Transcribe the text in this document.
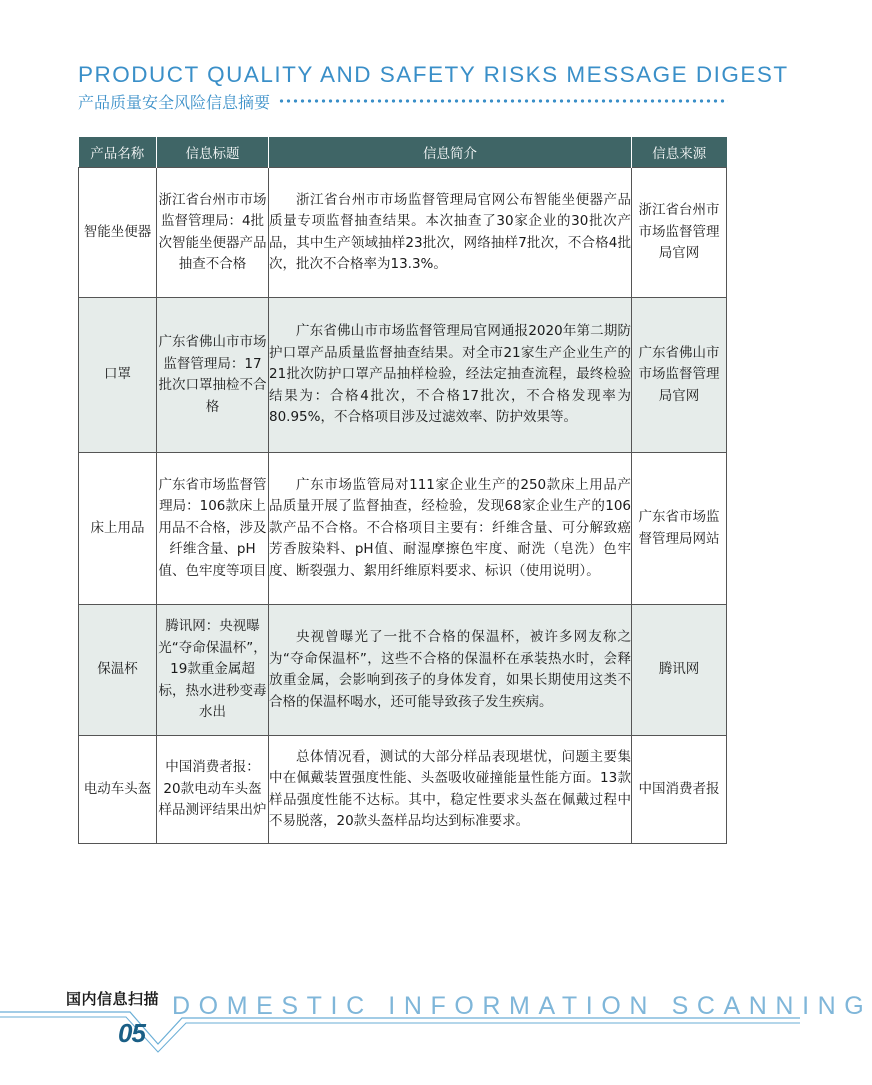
PRODUCT QUALITY AND SAFETY RISKS MESSAGE DIGEST
产品质量安全风险信息摘要
产品名称	信息标题	信息简介	信息来源
智能坐便器	浙江省台州市市场监督管理局：4批次智能坐便器产品抽查不合格	浙江省台州市市场监督管理局官网公布智能坐便器产品质量专项监督抽查结果。本次抽查了30家企业的30批次产品，其中生产领域抽样23批次，网络抽样7批次，不合格4批次，批次不合格率为13.3%。	浙江省台州市市场监督管理局官网
口罩	广东省佛山市市场监督管理局：17批次口罩抽检不合格	广东省佛山市市场监督管理局官网通报2020年第二期防护口罩产品质量监督抽查结果。对全市21家生产企业生产的21批次防护口罩产品抽样检验，经法定抽查流程，最终检验结果为：合格4批次，不合格17批次，不合格发现率为80.95%，不合格项目涉及过滤效率、防护效果等。	广东省佛山市市场监督管理局官网
床上用品	广东省市场监督管理局：106款床上用品不合格，涉及纤维含量、pH值、色牢度等项目	广东市场监管局对111家企业生产的250款床上用品产品质量开展了监督抽查，经检验，发现68家企业生产的106款产品不合格。不合格项目主要有：纤维含量、可分解致癌芳香胺染料、pH值、耐湿摩擦色牢度、耐洗（皂洗）色牢度、断裂强力、絮用纤维原料要求、标识（使用说明）。	广东省市场监督管理局网站
保温杯	腾讯网：央视曝光“夺命保温杯”，19款重金属超标，热水进秒变毒水出	央视曾曝光了一批不合格的保温杯，被许多网友称之为“夺命保温杯”，这些不合格的保温杯在承装热水时，会释放重金属，会影响到孩子的身体发育，如果长期使用这类不合格的保温杯喝水，还可能导致孩子发生疾病。	腾讯网
电动车头盔	中国消费者报：20款电动车头盔样品测评结果出炉	总体情况看，测试的大部分样品表现堪忧，问题主要集中在佩戴装置强度性能、头盔吸收碰撞能量性能方面。13款样品强度性能不达标。其中，稳定性要求头盔在佩戴过程中不易脱落，20款头盔样品均达到标准要求。	中国消费者报
国内信息扫描 DOMESTIC INFORMATION SCANNING
05
